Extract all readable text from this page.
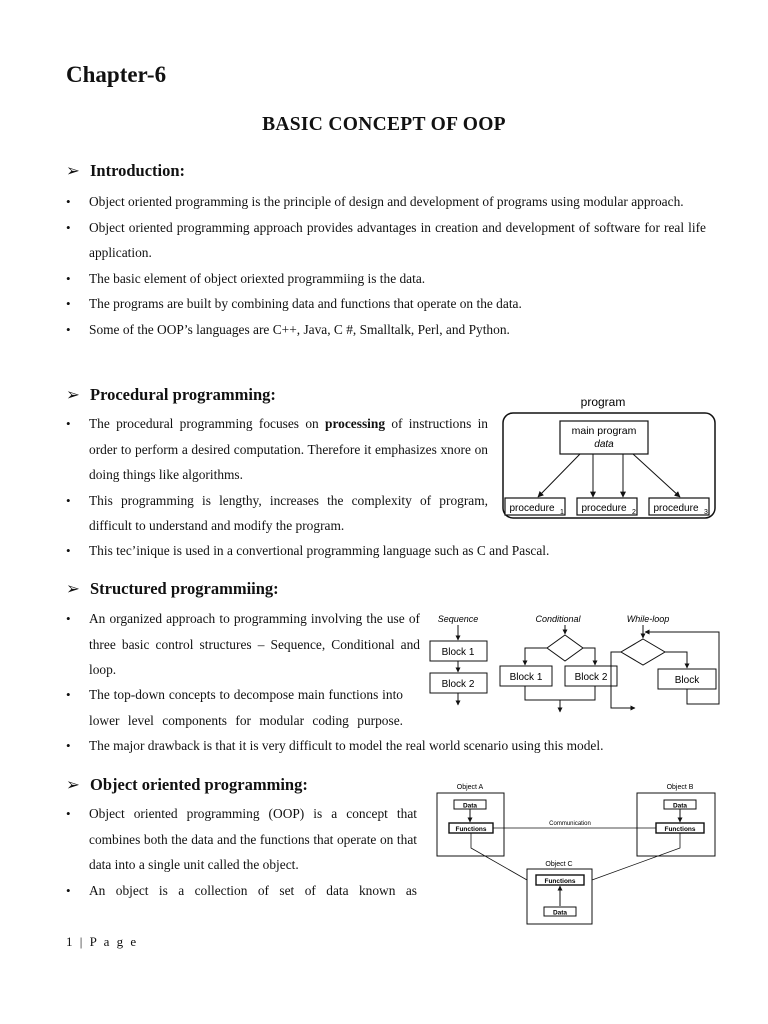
Chapter-6
BASIC CONCEPT OF OOP
➢ Introduction:
• Object oriented programming is the principle of design and development of programs using modular approach.
• Object oriented programming approach provides advantages in creation and development of software for real life application.
• The basic element of object oriexted programmiing is the data.
• The programs are built by combining data and functions that operate on the data.
• Some of the OOP’s languages are C++, Java, C #, Smalltalk, Perl, and Python.
➢ Procedural programming:
• The procedural programming focuses on processing of instructions in order to perform a desired computation. Therefore it emphasizes xnore on doing things like algorithms.
• This programming is lengthy, increases the complexity of program, difficult to understand and modify the program.
• This tec’inique is used in a convertional programming language such as C and Pascal.
program
main program
data
procedure 1 procedure 2 procedure 3
➢ Structured programmiing:
• An organized approach to programming involving the use of three basic control structures – Sequence, Conditional and loop.
• The top-down concepts to decompose main functions into lower level components for modular coding purpose.
• The major drawback is that it is very difficult to model the real world scenario using this model.
Sequence	Conditional	While-loop
Block 1
Block 2
Block 1	Block 2	Block
➢ Object oriented programming:
• Object oriented programming (OOP) is a concept that combines both the data and the functions that operate on that data into a single unit called the object.
• An object is a collection of set of data known as
Object A	Object B
Data
Functions
Data
Functions
Communication
Object C
Functions
Data
1 | P a g e
